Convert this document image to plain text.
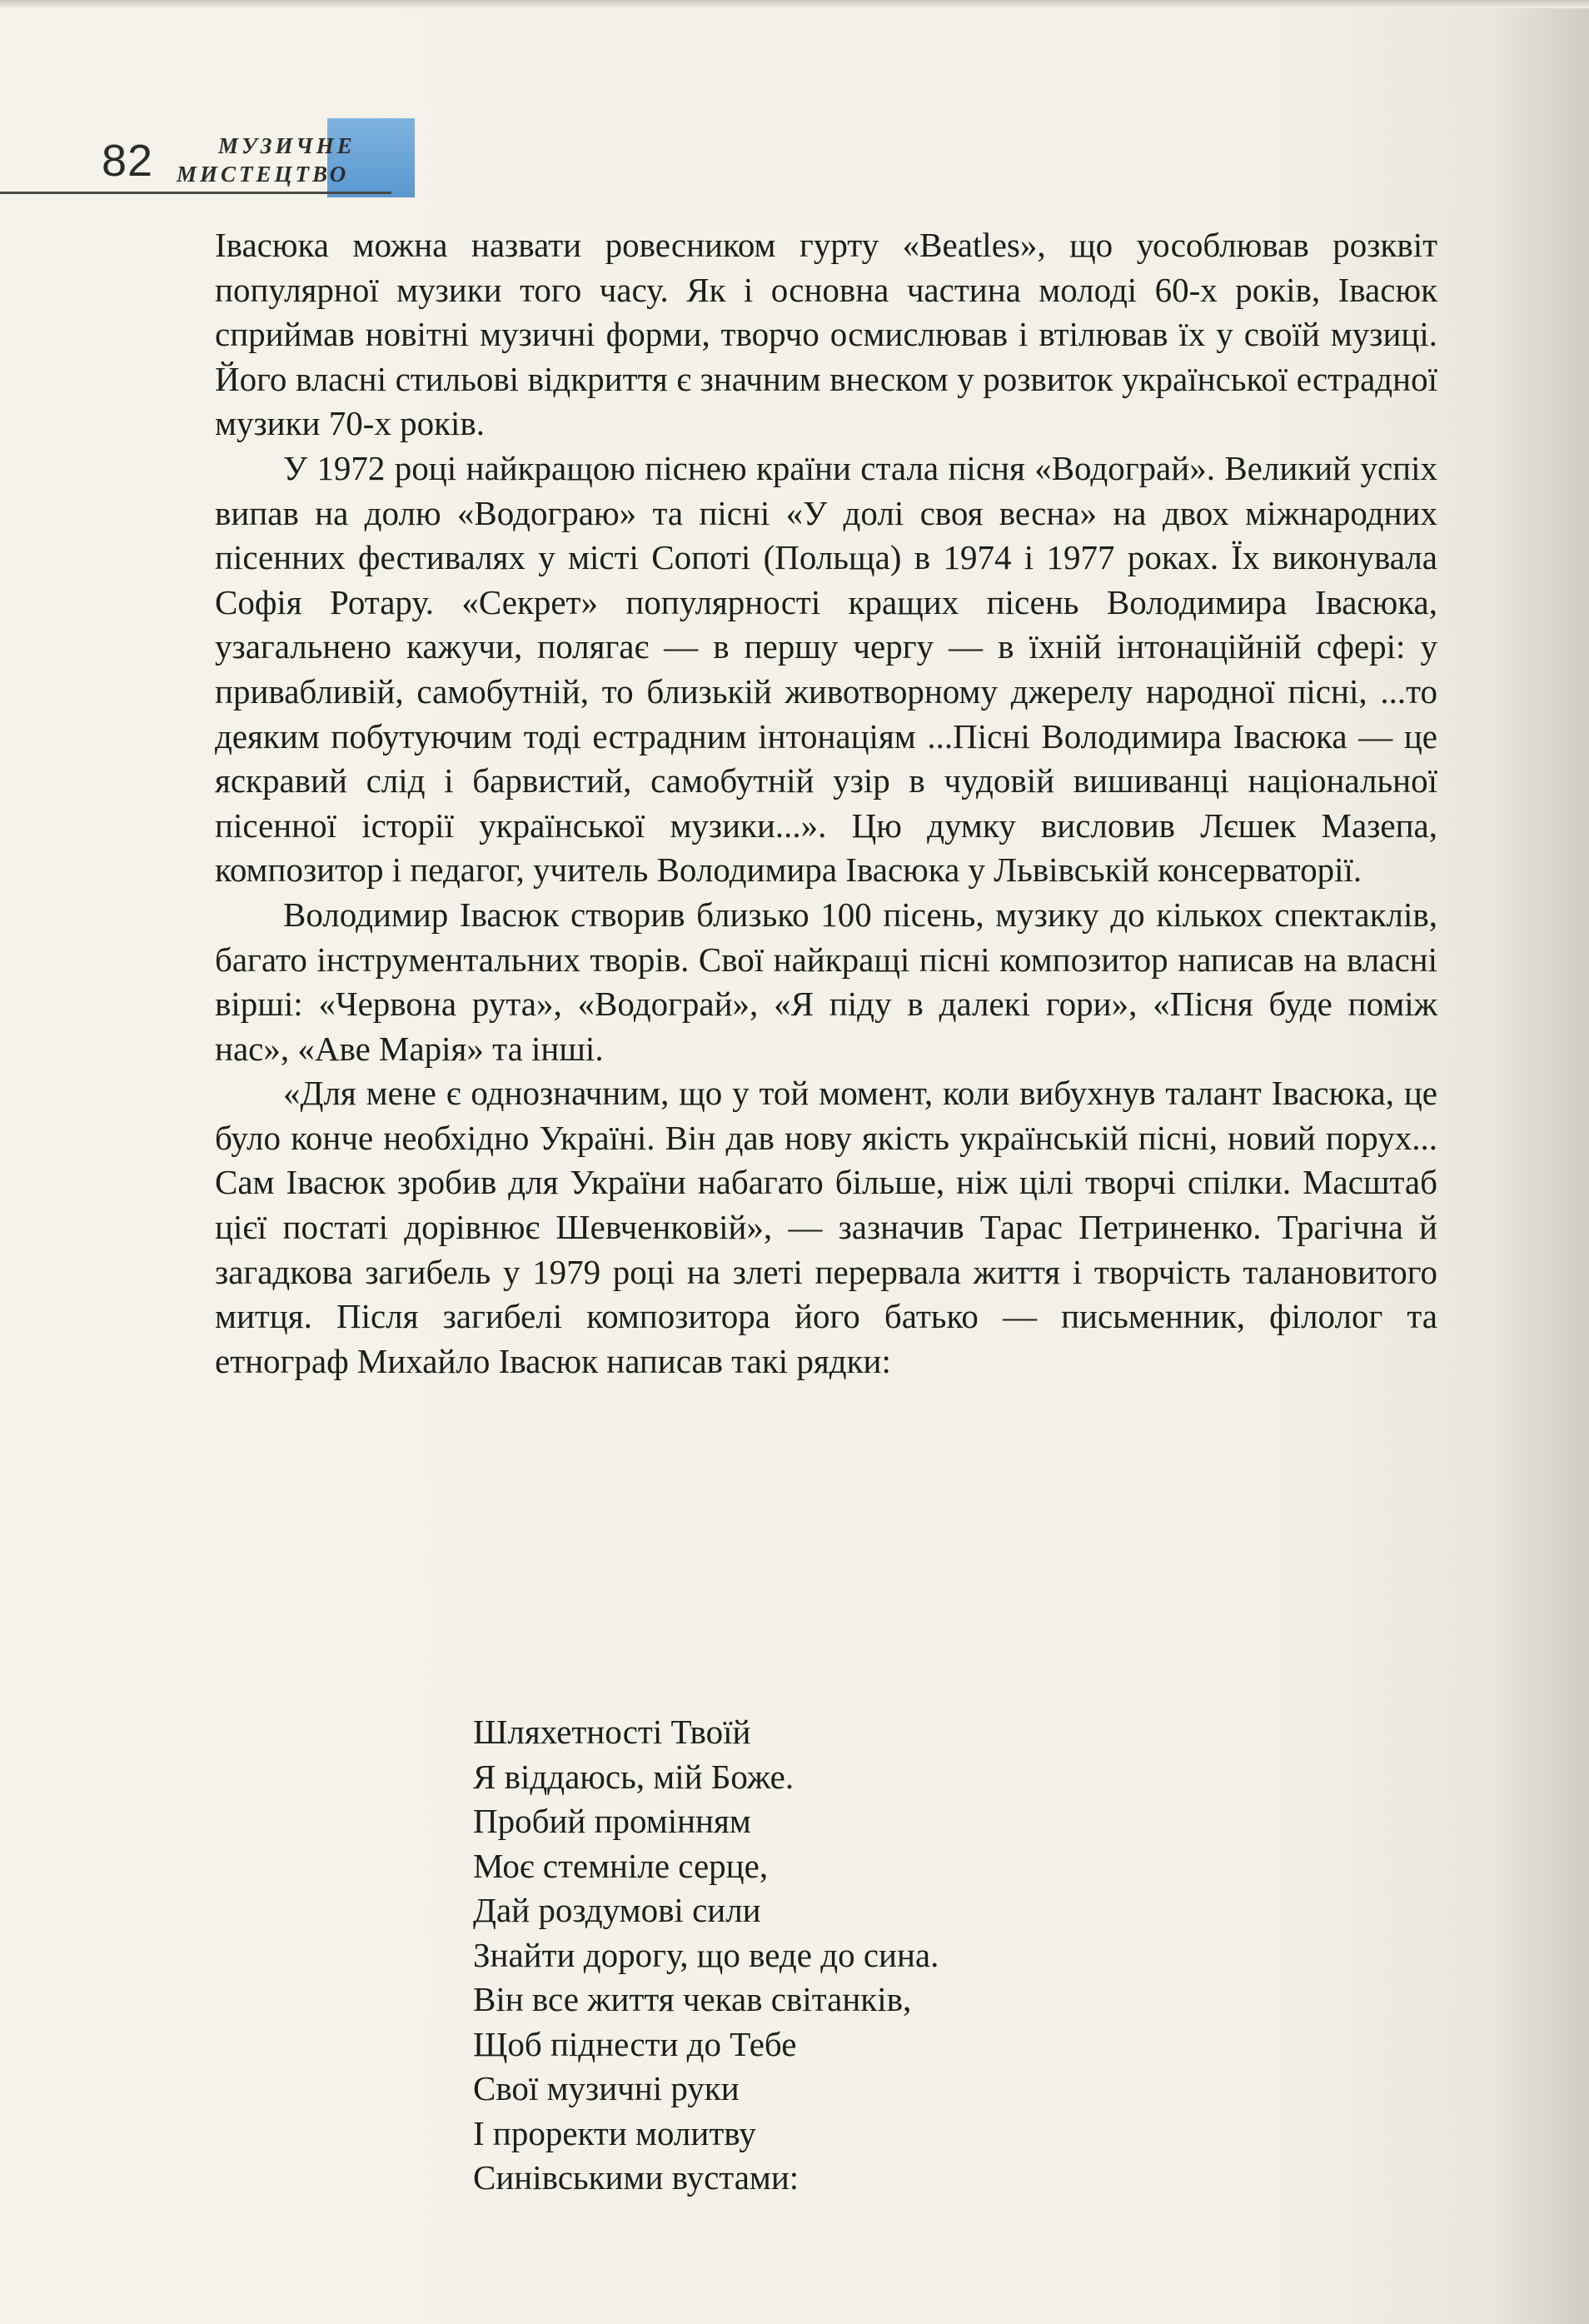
82	МУЗИЧНЕ
МИСТЕЦТВО

Івасюка можна назвати ровесником гурту «Beatles», що уособлював розквіт популярної музики того часу. Як і основна частина молоді 60-х років, Івасюк сприймав новітні музичні форми, творчо осмислював і втілював їх у своїй музиці. Його власні стильові відкриття є значним внеском у розвиток української естрадної музики 70-х років.

У 1972 році найкращою піснею країни стала пісня «Водограй». Великий успіх випав на долю «Водограю» та пісні «У долі своя весна» на двох міжнародних пісенних фестивалях у місті Сопоті (Польща) в 1974 і 1977 роках. Їх виконувала Софія Ротару. «Секрет» популярності кращих пісень Володимира Івасюка, узагальнено кажучи, полягає — в першу чергу — в їхній інтонаційній сфері: у привабливій, самобутній, то близькій животворному джерелу народної пісні, ...то деяким побутуючим тоді естрадним інтонаціям ...Пісні Володимира Івасюка — це яскравий слід і барвистий, самобутній узір в чудовій вишиванці національної пісенної історії української музики...». Цю думку висловив Лєшек Мазепа, композитор і педагог, учитель Володимира Івасюка у Львівській консерваторії.

Володимир Івасюк створив близько 100 пісень, музику до кількох спектаклів, багато інструментальних творів. Свої найкращі пісні композитор написав на власні вірші: «Червона рута», «Водограй», «Я піду в далекі гори», «Пісня буде поміж нас», «Аве Марія» та інші.

«Для мене є однозначним, що у той момент, коли вибухнув талант Івасюка, це було конче необхідно Україні. Він дав нову якість українській пісні, новий порух... Сам Івасюк зробив для України набагато більше, ніж цілі творчі спілки. Масштаб цієї постаті дорівнює Шевченковій», — зазначив Тарас Петриненко. Трагічна й загадкова загибель у 1979 році на злеті перервала життя і творчість талановитого митця. Після загибелі композитора його батько — письменник, філолог та етнограф Михайло Івасюк написав такі рядки:

Шляхетності Твоїй
Я віддаюсь, мій Боже.
Пробий промінням
Моє стемніле серце,
Дай роздумові сили
Знайти дорогу, що веде до сина.
Він все життя чекав світанків,
Щоб піднести до Тебе
Свої музичні руки
І проректи молитву
Синівськими вустами:
